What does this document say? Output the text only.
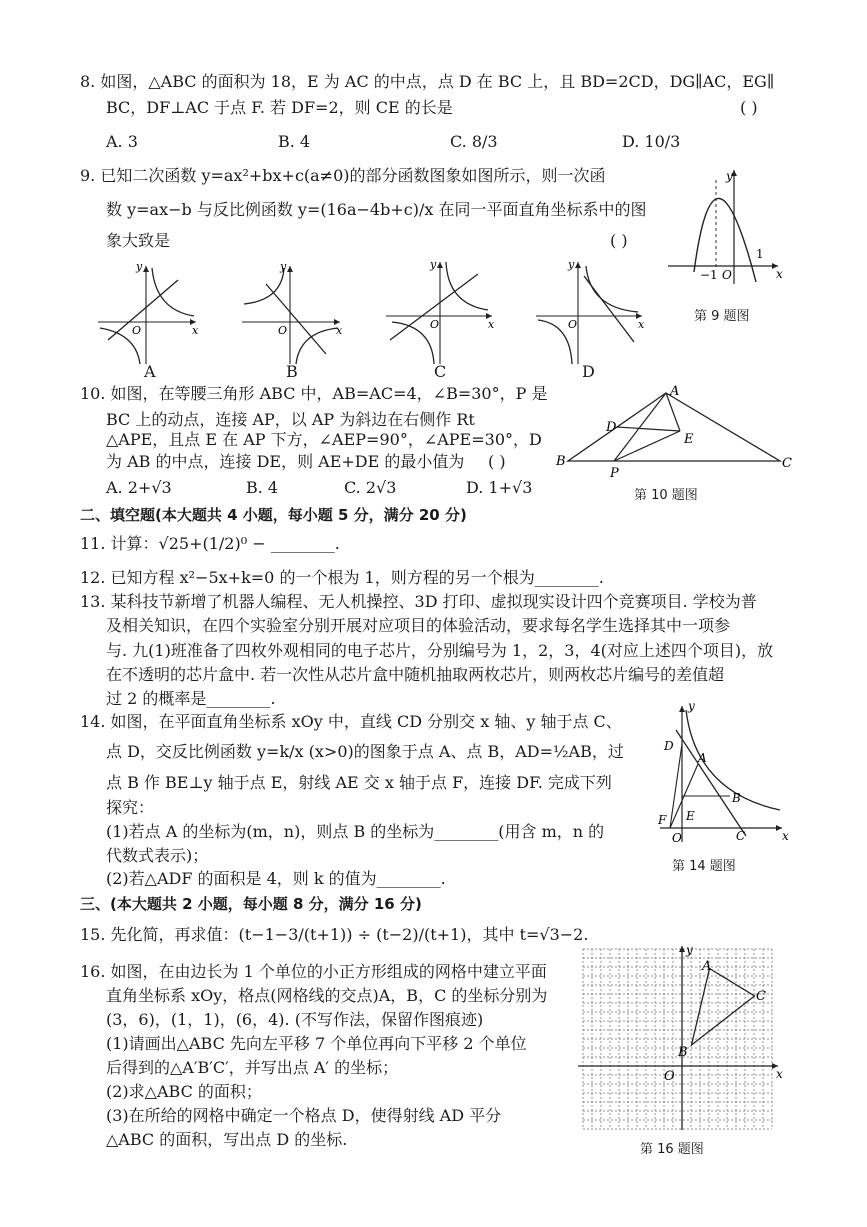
8. 如图，△ABC 的面积为 18，E 为 AC 的中点，点 D 在 BC 上，且 BD=2CD，DG∥AC，EG∥
BC，DF⊥AC 于点 F. 若 DF=2，则 CE 的长是	( )
A. 3	B. 4	C. 8/3	D. 10/3
9. 已知二次函数 y=ax²+bx+c(a≠0)的部分函数图象如图所示，则一次函
数 y=ax−b 与反比例函数 y=(16a−4b+c)/x 在同一平面直角坐标系中的图
象大致是	( )
y
x
−1 O
1
第 9 题图
y
x
O
A
y
x
O
B
y
x
O
C
y
x
O
D
10. 如图，在等腰三角形 ABC 中，AB=AC=4，∠B=30°，P 是
BC 上的动点，连接 AP，以 AP 为斜边在右侧作 Rt
△APE，且点 E 在 AP 下方，∠AEP=90°，∠APE=30°，D
为 AB 的中点，连接 DE，则 AE+DE 的最小值为 ( )
A. 2+√3	B. 4	C. 2√3	D. 1+√3
A
B	C
D
E
P
第 10 题图
二、填空题(本大题共 4 小题，每小题 5 分，满分 20 分)
11. 计算：√25+(1/2)⁰ − ________.
12. 已知方程 x²−5x+k=0 的一个根为 1，则方程的另一个根为________.
13. 某科技节新增了机器人编程、无人机操控、3D 打印、虚拟现实设计四个竞赛项目. 学校为普
及相关知识，在四个实验室分别开展对应项目的体验活动，要求每名学生选择其中一项参
与. 九(1)班准备了四枚外观相同的电子芯片，分别编号为 1，2，3，4(对应上述四个项目)，放
在不透明的芯片盒中. 若一次性从芯片盒中随机抽取两枚芯片，则两枚芯片编号的差值超
过 2 的概率是________.
14. 如图，在平面直角坐标系 xOy 中，直线 CD 分别交 x 轴、y 轴于点 C、
点 D，交反比例函数 y=k/x (x>0)的图象于点 A、点 B，AD=½AB，过
点 B 作 BE⊥y 轴于点 E，射线 AE 交 x 轴于点 F，连接 DF. 完成下列
探究：
(1)若点 A 的坐标为(m，n)，则点 B 的坐标为________(用含 m，n 的
代数式表示)；
(2)若△ADF 的面积是 4，则 k 的值为________.
y
x
D
A
B
E
F
O	C
第 14 题图
三、(本大题共 2 小题，每小题 8 分，满分 16 分)
15. 先化简，再求值：(t−1−3/(t+1)) ÷ (t−2)/(t+1)，其中 t=√3−2.
16. 如图，在由边长为 1 个单位的小正方形组成的网格中建立平面
直角坐标系 xOy，格点(网格线的交点)A，B，C 的坐标分别为
(3，6)，(1，1)，(6，4). (不写作法，保留作图痕迹)
(1)请画出△ABC 先向左平移 7 个单位再向下平移 2 个单位
后得到的△A′B′C′，并写出点 A′ 的坐标；
(2)求△ABC 的面积；
(3)在所给的网格中确定一个格点 D，使得射线 AD 平分
△ABC 的面积，写出点 D 的坐标.
y
x
O
A
B
C
第 16 题图
